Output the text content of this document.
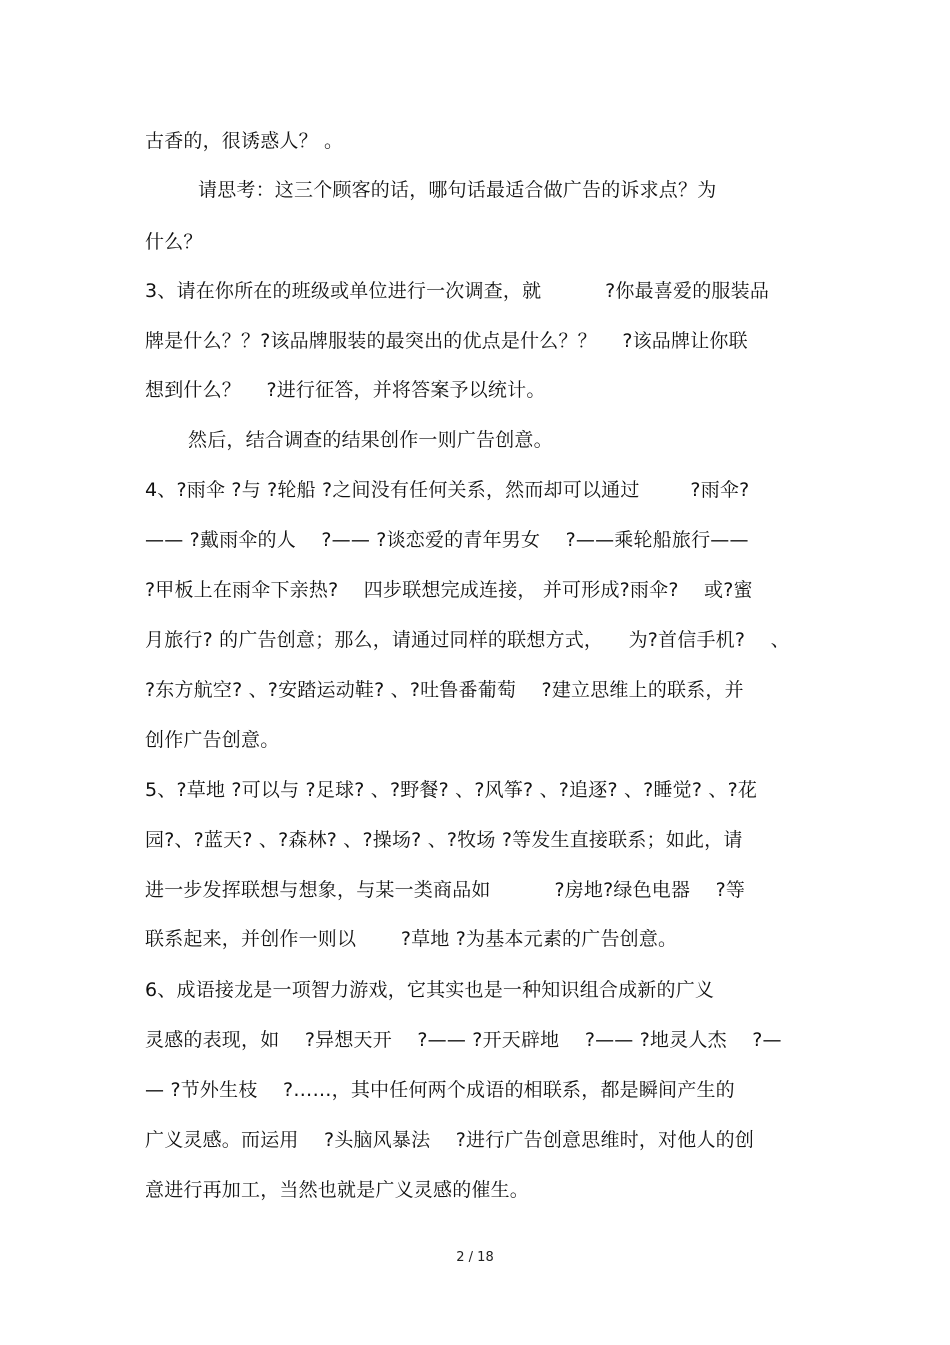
古香的，很诱惑人？ 。
请思考：这三个顾客的话，哪句话最适合做广告的诉求点？为
什么？
3、请在你所在的班级或单位进行一次调查，就 　　　?你最喜爱的服装品
牌是什么？？?该品牌服装的最突出的优点是什么？？ 　?该品牌让你联
想到什么？ 　?进行征答，并将答案予以统计。
然后，结合调查的结果创作一则广告创意。
4、?雨伞 ?与 ?轮船 ?之间没有任何关系，然而却可以通过 　　 ?雨伞?
—— ?戴雨伞的人 　?—— ?谈恋爱的青年男女 　?——乘轮船旅行——
?甲板上在雨伞下亲热? 　四步联想完成连接， 并可形成?雨伞? 　或?蜜
月旅行? 的广告创意；那么，请通过同样的联想方式， 　为?首信手机? 　、
?东方航空? 、?安踏运动鞋? 、?吐鲁番葡萄 　?建立思维上的联系，并
创作广告创意。
5、?草地 ?可以与 ?足球? 、?野餐? 、?风筝? 、?追逐? 、?睡觉? 、?花
园?、?蓝天? 、?森林? 、?操场? 、?牧场 ?等发生直接联系；如此，请
进一步发挥联想与想象，与某一类商品如 　　　?房地?绿色电器 　?等
联系起来，并创作一则以 　　?草地 ?为基本元素的广告创意。
6、成语接龙是一项智力游戏，它其实也是一种知识组合成新的广义
灵感的表现，如 　?异想天开 　?—— ?开天辟地 　?—— ?地灵人杰 　?—
— ?节外生枝 　?……，其中任何两个成语的相联系，都是瞬间产生的
广义灵感。而运用 　?头脑风暴法 　?进行广告创意思维时，对他人的创
意进行再加工，当然也就是广义灵感的催生。
2 / 18
